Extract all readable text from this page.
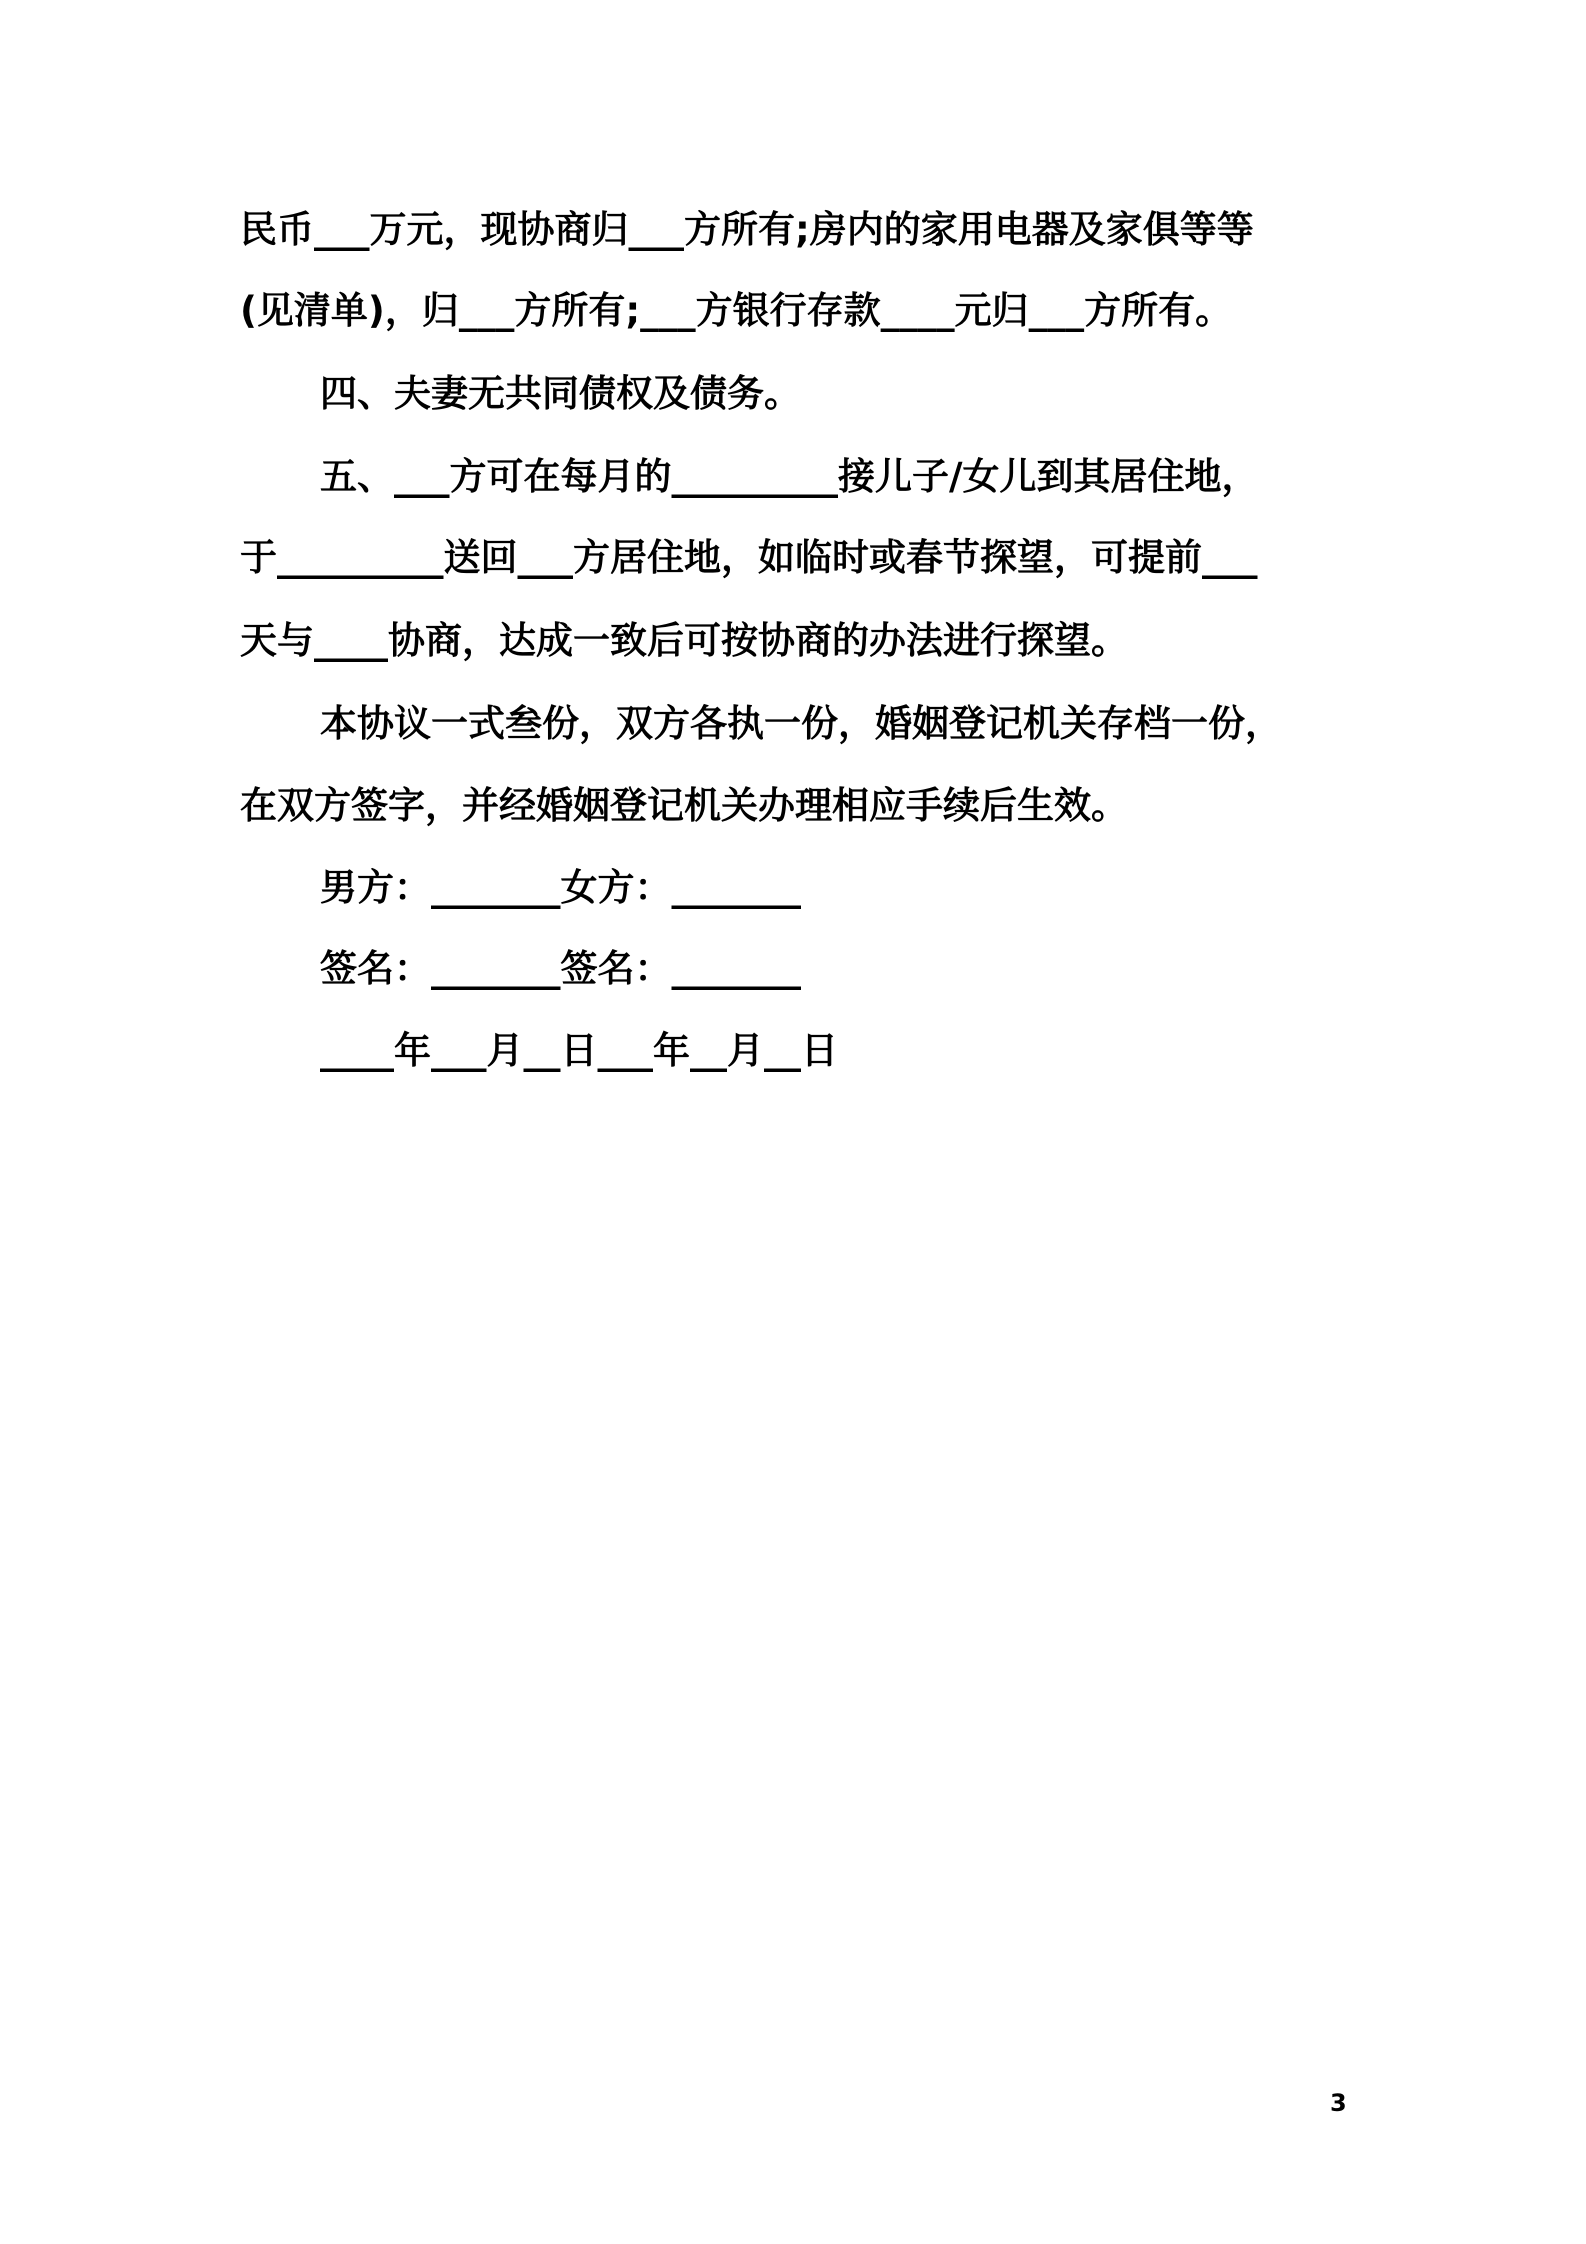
民币___万元，现协商归___方所有;房内的家用电器及家俱等等
(见清单)，归___方所有;___方银行存款____元归___方所有。
四、夫妻无共同债权及债务。
五、___方可在每月的_________接儿子/女儿到其居住地，
于_________送回___方居住地，如临时或春节探望，可提前___
天与____协商，达成一致后可按协商的办法进行探望。
本协议一式叁份，双方各执一份，婚姻登记机关存档一份，
在双方签字，并经婚姻登记机关办理相应手续后生效。
男方：_______女方：_______
签名：_______签名：_______
____年___月__日___年__月__日
3
